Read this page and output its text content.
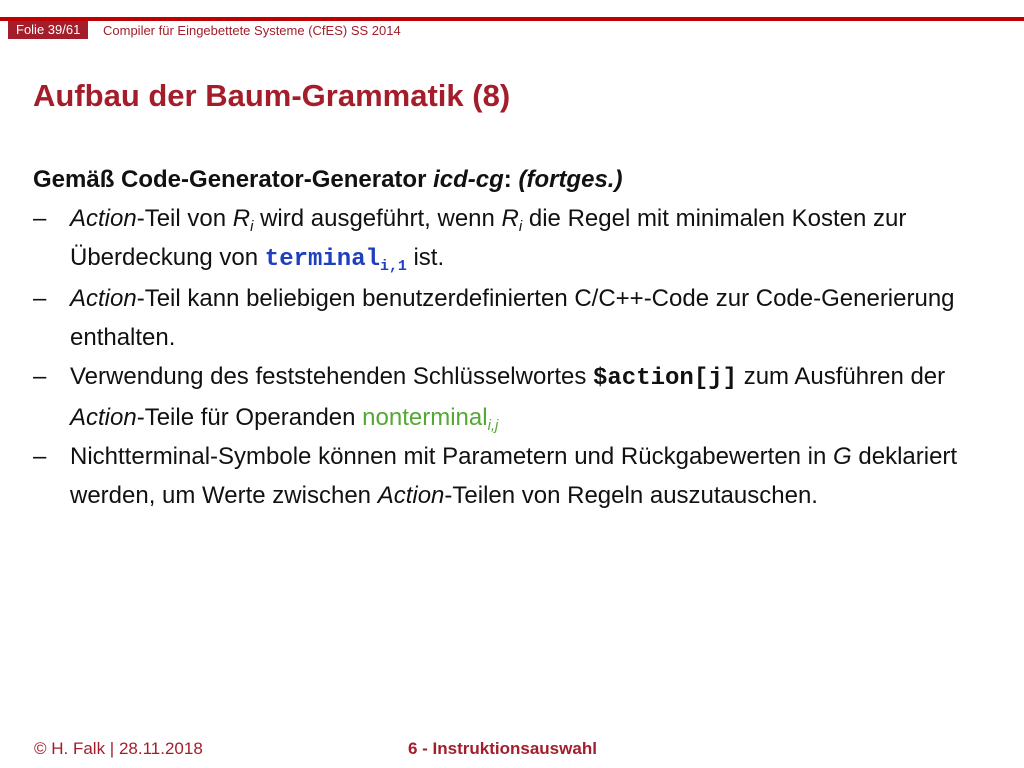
Folie 39/61	Compiler für Eingebettete Systeme (CfES) SS 2014
Aufbau der Baum-Grammatik (8)
Gemäß Code-Generator-Generator icd-cg: (fortges.)
– Action-Teil von $R_i$ wird ausgeführt, wenn $R_i$ die Regel mit minimalen Kosten zur Überdeckung von terminal$_{i,1}$ ist.
– Action-Teil kann beliebigen benutzerdefinierten C/C++-Code zur Code-Generierung enthalten.
– Verwendung des feststehenden Schlüsselwortes $action[j] zum Ausführen der Action-Teile für Operanden nonterminal$_{i,j}$
– Nichtterminal-Symbole können mit Parametern und Rückgabewerten in G deklariert werden, um Werte zwischen Action-Teilen von Regeln auszutauschen.
© H. Falk | 28.11.2018	6 - Instruktionsauswahl
